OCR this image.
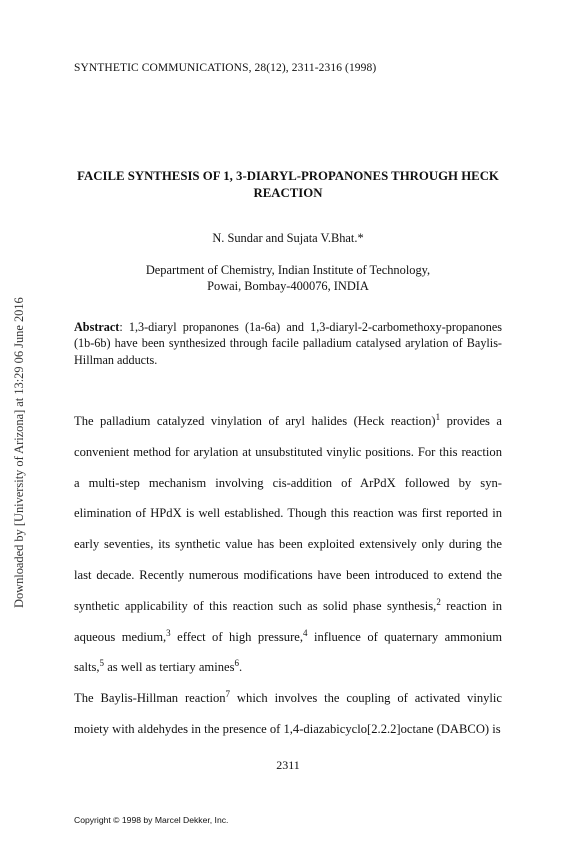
SYNTHETIC COMMUNICATIONS, 28(12), 2311-2316 (1998)
Downloaded by [University of Arizona] at 13:29 06 June 2016
FACILE SYNTHESIS OF 1, 3-DIARYL-PROPANONES THROUGH HECK REACTION
N. Sundar and Sujata V.Bhat.*
Department of Chemistry, Indian Institute of Technology,
Powai, Bombay-400076, INDIA
Abstract: 1,3-diaryl propanones (1a-6a) and 1,3-diaryl-2-carbomethoxy-propanones (1b-6b) have been synthesized through facile palladium catalysed arylation of Baylis- Hillman adducts.

The palladium catalyzed vinylation of aryl halides (Heck reaction)$^1$ provides a convenient method for arylation at unsubstituted vinylic positions. For this reaction a multi-step mechanism involving cis-addition of ArPdX followed by syn-elimination of HPdX is well established. Though this reaction was first reported in early seventies, its synthetic value has been exploited extensively only during the last decade. Recently numerous modifications have been introduced to extend the synthetic applicability of this reaction such as solid phase synthesis,$^2$ reaction in aqueous medium,$^3$ effect of high pressure,$^4$ influence of quaternary ammonium salts,$^5$ as well as tertiary amines$^6$.

The Baylis-Hillman reaction$^7$ which involves the coupling of activated vinylic moiety with aldehydes in the presence of 1,4-diazabicyclo[2.2.2]octane (DABCO) is

2311
Copyright © 1998 by Marcel Dekker, Inc.
